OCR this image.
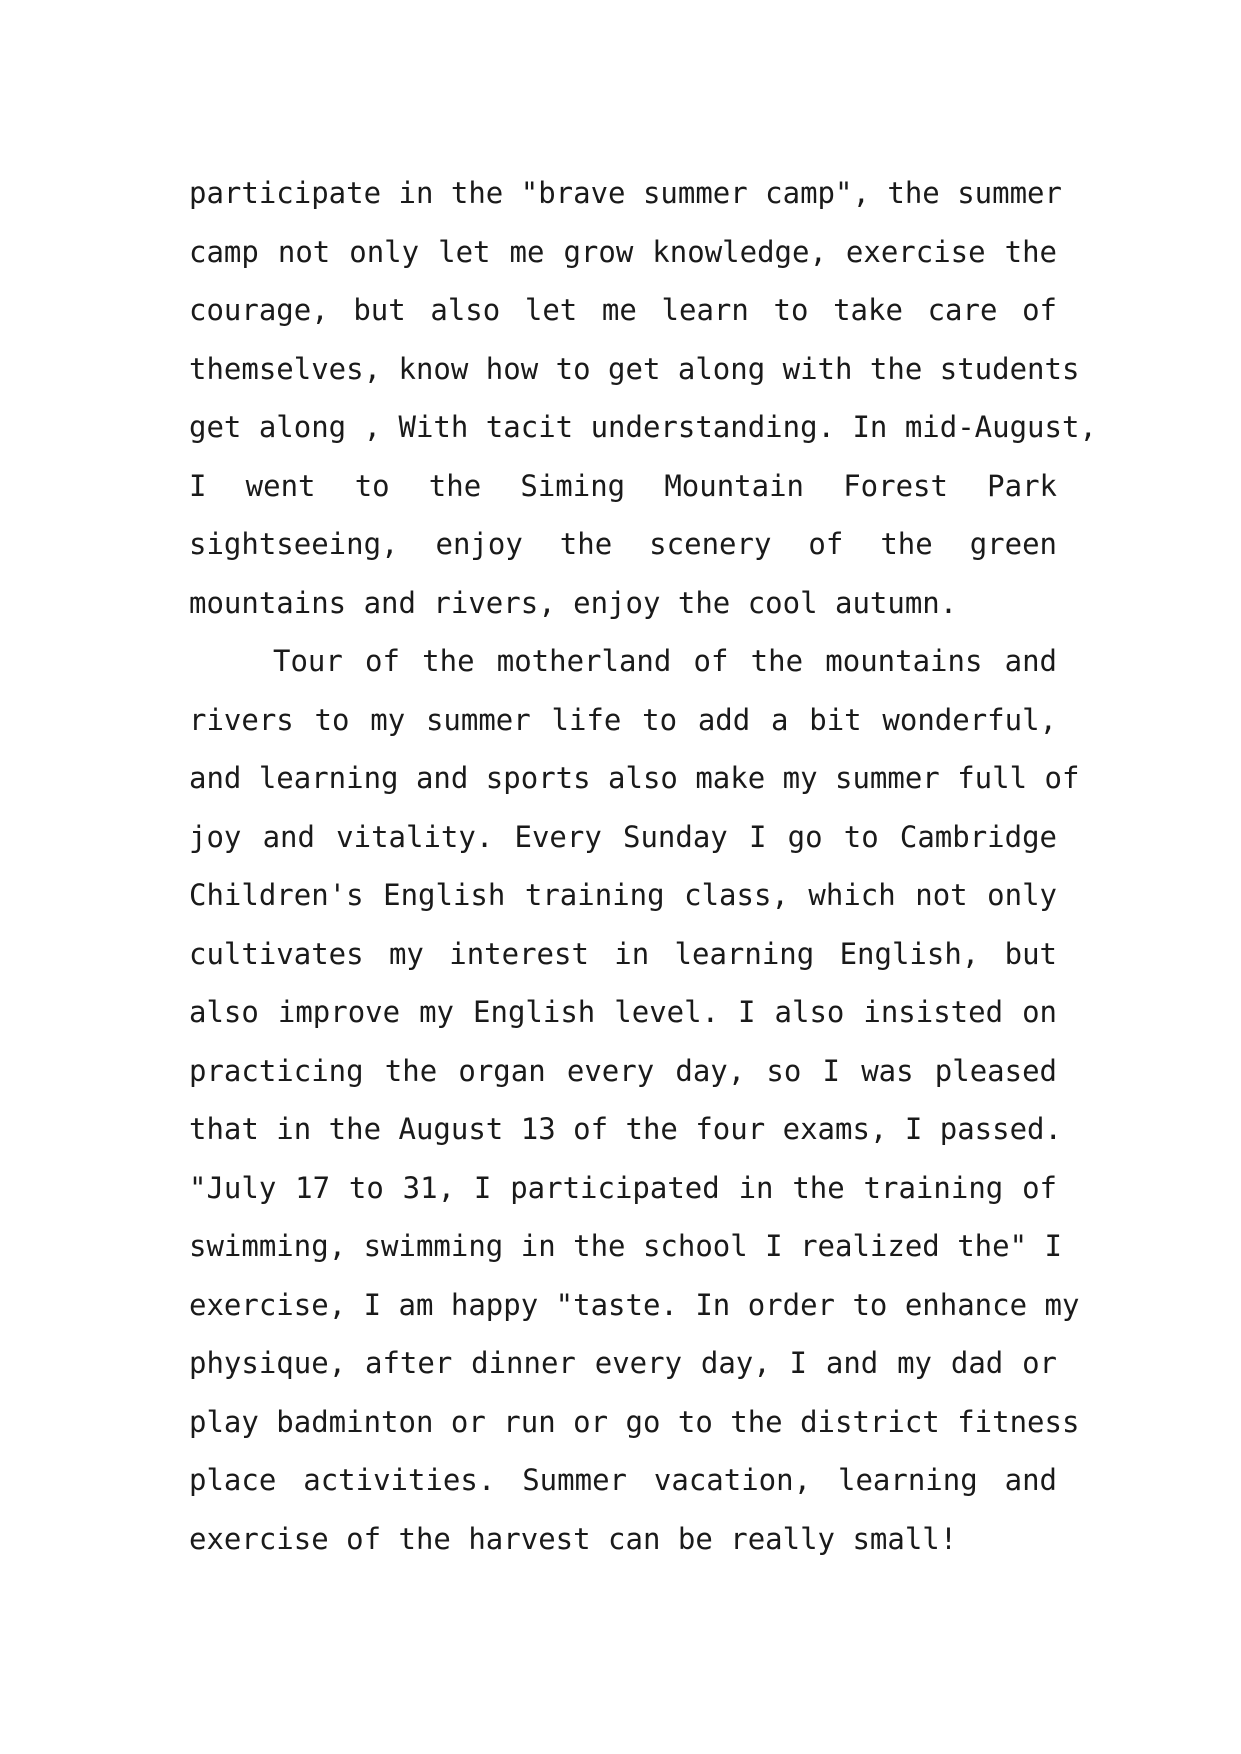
participate in the "brave summer camp", the summer
camp not only let me grow knowledge, exercise the
courage, but also let me learn to take care of
themselves, know how to get along with the students
get along , With tacit understanding. In mid-August,
I went to the Siming Mountain Forest Park
sightseeing, enjoy the scenery of the green
mountains and rivers, enjoy the cool autumn.
Tour of the motherland of the mountains and
rivers to my summer life to add a bit wonderful,
and learning and sports also make my summer full of
joy and vitality. Every Sunday I go to Cambridge
Children's English training class, which not only
cultivates my interest in learning English, but
also improve my English level. I also insisted on
practicing the organ every day, so I was pleased
that in the August 13 of the four exams, I passed.
"July 17 to 31, I participated in the training of
swimming, swimming in the school I realized the" I
exercise, I am happy "taste. In order to enhance my
physique, after dinner every day, I and my dad or
play badminton or run or go to the district fitness
place activities. Summer vacation, learning and
exercise of the harvest can be really small!
